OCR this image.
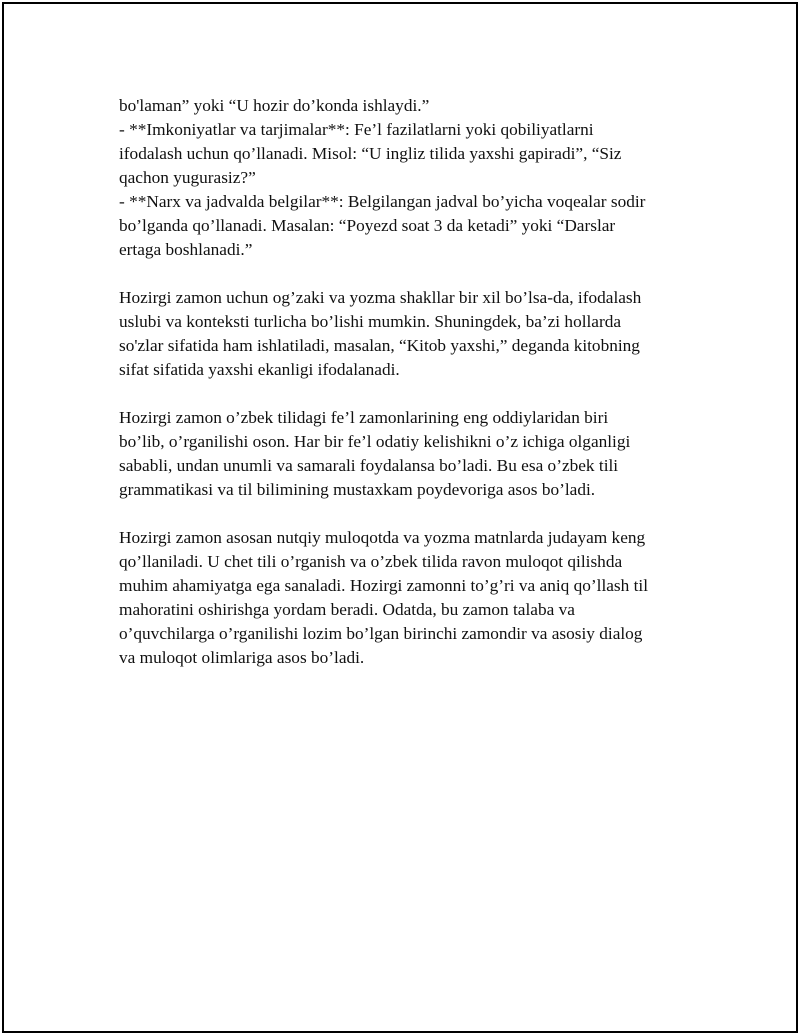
bo'laman” yoki “U hozir do’konda ishlaydi.”

- **Imkoniyatlar va tarjimalar**: Fe’l fazilatlarni yoki qobiliyatlarni

ifodalash uchun qo’llanadi. Misol: “U ingliz tilida yaxshi gapiradi”, “Siz

qachon yugurasiz?”

- **Narx va jadvalda belgilar**: Belgilangan jadval bo’yicha voqealar sodir

bo’lganda qo’llanadi. Masalan: “Poyezd soat 3 da ketadi” yoki “Darslar

ertaga boshlanadi.”

Hozirgi zamon uchun og’zaki va yozma shakllar bir xil bo’lsa-da, ifodalash

uslubi va konteksti turlicha bo’lishi mumkin. Shuningdek, ba’zi hollarda

so'zlar sifatida ham ishlatiladi, masalan, “Kitob yaxshi,” deganda kitobning

sifat sifatida yaxshi ekanligi ifodalanadi.

Hozirgi zamon o’zbek tilidagi fe’l zamonlarining eng oddiylaridan biri

bo’lib, o’rganilishi oson. Har bir fe’l odatiy kelishikni o’z ichiga olganligi

sababli, undan unumli va samarali foydalansa bo’ladi. Bu esa o’zbek tili

grammatikasi va til bilimining mustaxkam poydevoriga asos bo’ladi.

Hozirgi zamon asosan nutqiy muloqotda va yozma matnlarda judayam keng

qo’llaniladi. U chet tili o’rganish va o’zbek tilida ravon muloqot qilishda

muhim ahamiyatga ega sanaladi. Hozirgi zamonni to’g’ri va aniq qo’llash til

mahoratini oshirishga yordam beradi. Odatda, bu zamon talaba va

o’quvchilarga o’rganilishi lozim bo’lgan birinchi zamondir va asosiy dialog

va muloqot olimlariga asos bo’ladi.
